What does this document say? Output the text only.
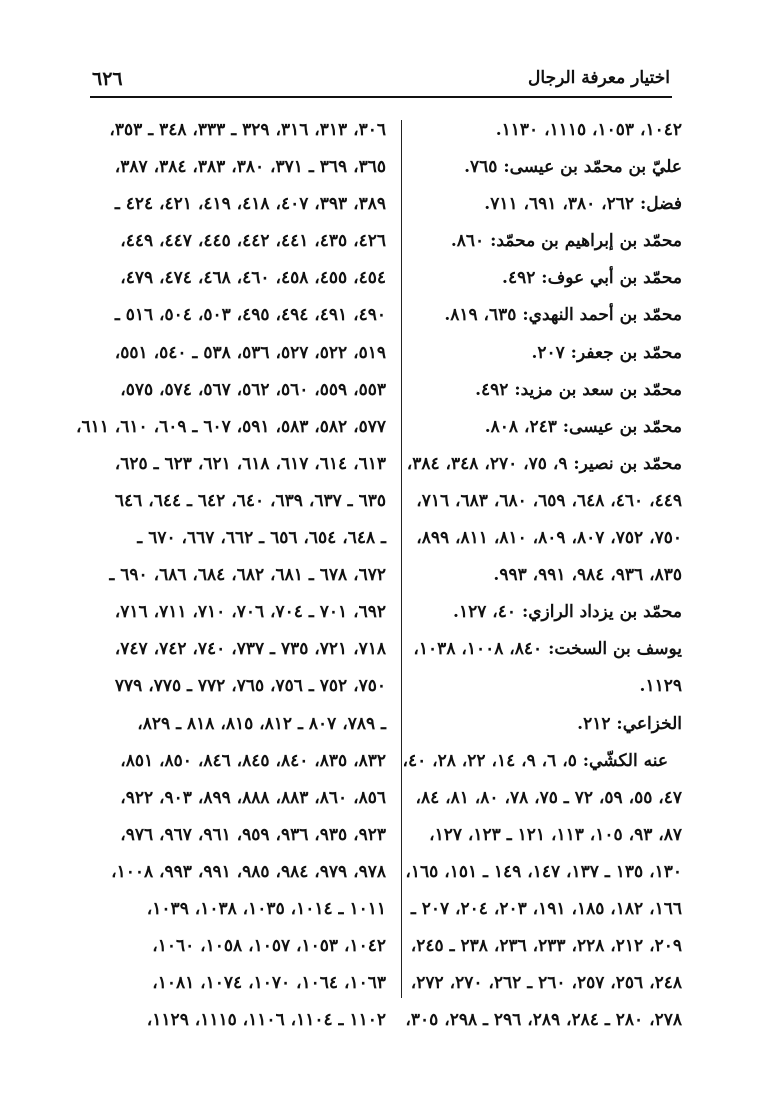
٦٢٦	اختيار معرفة الرجال
١٠٤٢، ١٠٥٣، ١١١٥، ١١٣٠.
عليّ بن محمّد بن عيسى: ٧٦٥.
فضل: ٢٦٢، ٣٨٠، ٦٩١، ٧١١.
محمّد بن إبراهيم بن محمّد: ٨٦٠.
محمّد بن أبي عوف: ٤٩٢.
محمّد بن أحمد النهدي: ٦٣٥، ٨١٩.
محمّد بن جعفر: ٢٠٧.
محمّد بن سعد بن مزيد: ٤٩٢.
محمّد بن عيسى: ٢٤٣، ٨٠٨.
محمّد بن نصير: ٩، ٧٥، ٢٧٠، ٣٤٨، ٣٨٤،
٤٤٩، ٤٦٠، ٦٤٨، ٦٥٩، ٦٨٠، ٦٨٣، ٧١٦،
٧٥٠، ٧٥٢، ٨٠٧، ٨٠٩، ٨١٠، ٨١١، ٨٩٩،
٨٣٥، ٩٣٦، ٩٨٤، ٩٩١، ٩٩٣.
محمّد بن يزداد الرازي: ٤٠، ١٢٧.
يوسف بن السخت: ٨٤٠، ١٠٠٨، ١٠٣٨،
١١٢٩.
الخزاعي: ٢١٢.
عنه الكشّي: ٥، ٦، ٩، ١٤، ٢٢، ٢٨، ٤٠،
٤٧، ٥٥، ٥٩، ٧٢ ـ ٧٥، ٧٨، ٨٠، ٨١، ٨٤،
٨٧، ٩٣، ١٠٥، ١١٣، ١٢١ ـ ١٢٣، ١٢٧،
١٣٠، ١٣٥ ـ ١٣٧، ١٤٧، ١٤٩ ـ ١٥١، ١٦٥،
١٦٦، ١٨٢، ١٨٥، ١٩١، ٢٠٣، ٢٠٤، ٢٠٧ ـ
٢٠٩، ٢١٢، ٢٢٨، ٢٣٣، ٢٣٦، ٢٣٨ ـ ٢٤٥،
٢٤٨، ٢٥٦، ٢٥٧، ٢٦٠ ـ ٢٦٢، ٢٧٠، ٢٧٢،
٢٧٨، ٢٨٠ ـ ٢٨٤، ٢٨٩، ٢٩٦ ـ ٢٩٨، ٣٠٥،
٣٠٦، ٣١٣، ٣١٦، ٣٢٩ ـ ٣٣٣، ٣٤٨ ـ ٣٥٣،
٣٦٥، ٣٦٩ ـ ٣٧١، ٣٨٠، ٣٨٣، ٣٨٤، ٣٨٧،
٣٨٩، ٣٩٣، ٤٠٧، ٤١٨، ٤١٩، ٤٢١، ٤٢٤ ـ
٤٢٦، ٤٣٥، ٤٤١، ٤٤٢، ٤٤٥، ٤٤٧، ٤٤٩،
٤٥٤، ٤٥٥، ٤٥٨، ٤٦٠، ٤٦٨، ٤٧٤، ٤٧٩،
٤٩٠، ٤٩١، ٤٩٤، ٤٩٥، ٥٠٣، ٥٠٤، ٥١٦ ـ
٥١٩، ٥٢٢، ٥٢٧، ٥٣٦، ٥٣٨ ـ ٥٤٠، ٥٥١،
٥٥٣، ٥٥٩، ٥٦٠، ٥٦٢، ٥٦٧، ٥٧٤، ٥٧٥،
٥٧٧، ٥٨٢، ٥٨٣، ٥٩١، ٦٠٧ ـ ٦٠٩، ٦١٠، ٦١١،
٦١٣، ٦١٤، ٦١٧، ٦١٨، ٦٢١، ٦٢٣ ـ ٦٢٥،
٦٣٥ ـ ٦٣٧، ٦٣٩، ٦٤٠، ٦٤٢ ـ ٦٤٤، ٦٤٦
ـ ٦٤٨، ٦٥٤، ٦٥٦ ـ ٦٦٢، ٦٦٧، ٦٧٠ ـ
٦٧٢، ٦٧٨ ـ ٦٨١، ٦٨٢، ٦٨٤، ٦٨٦، ٦٩٠ ـ
٦٩٢، ٧٠١ ـ ٧٠٤، ٧٠٦، ٧١٠، ٧١١، ٧١٦،
٧١٨، ٧٢١، ٧٣٥ ـ ٧٣٧، ٧٤٠، ٧٤٢، ٧٤٧،
٧٥٠، ٧٥٢ ـ ٧٥٦، ٧٦٥، ٧٧٢ ـ ٧٧٥، ٧٧٩
ـ ٧٨٩، ٨٠٧ ـ ٨١٢، ٨١٥، ٨١٨ ـ ٨٢٩،
٨٣٢، ٨٣٥، ٨٤٠، ٨٤٥، ٨٤٦، ٨٥٠، ٨٥١،
٨٥٦، ٨٦٠، ٨٨٣، ٨٨٨، ٨٩٩، ٩٠٣، ٩٢٢،
٩٢٣، ٩٣٥، ٩٣٦، ٩٥٩، ٩٦١، ٩٦٧، ٩٧٦،
٩٧٨، ٩٧٩، ٩٨٤، ٩٨٥، ٩٩١، ٩٩٣، ١٠٠٨،
١٠١١ ـ ١٠١٤، ١٠٣٥، ١٠٣٨، ١٠٣٩،
١٠٤٢، ١٠٥٣، ١٠٥٧، ١٠٥٨، ١٠٦٠،
١٠٦٣، ١٠٦٤، ١٠٧٠، ١٠٧٤، ١٠٨١،
١١٠٢ ـ ١١٠٤، ١١٠٦، ١١١٥، ١١٢٩،
